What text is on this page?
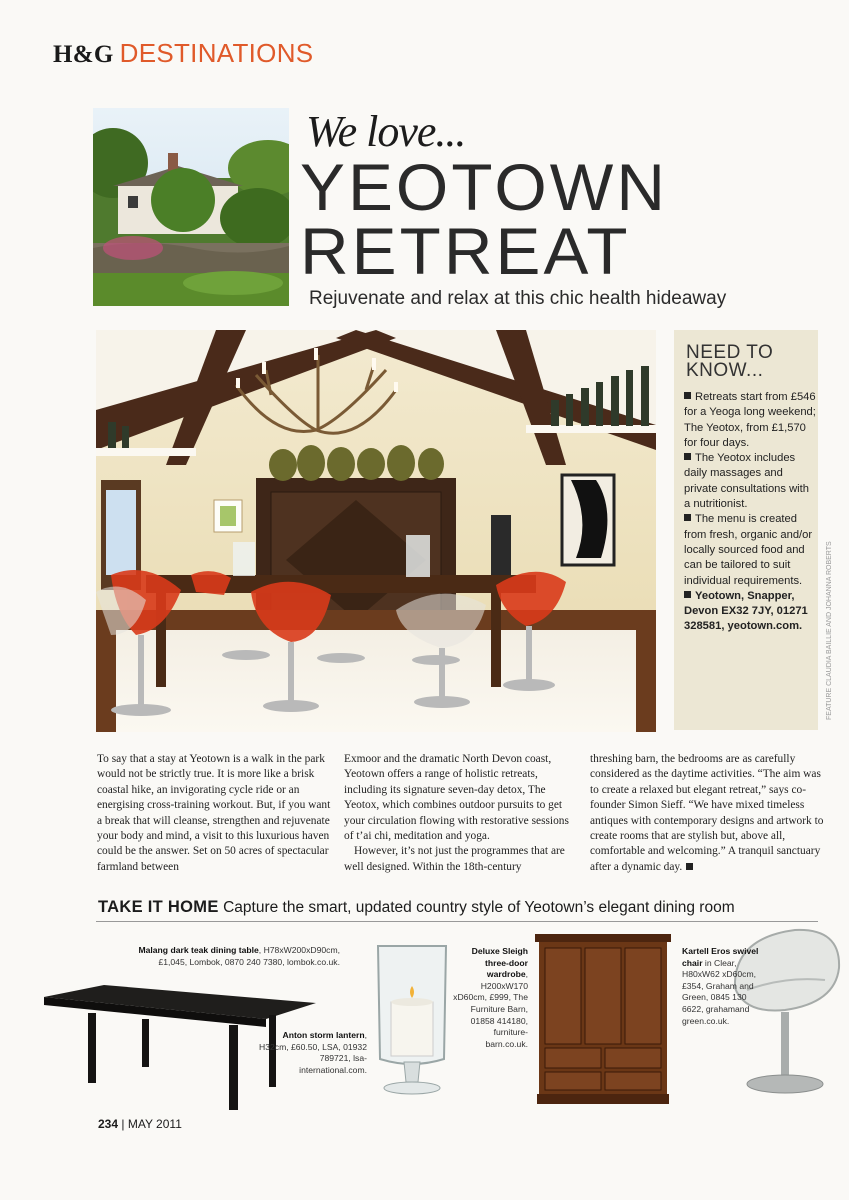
H&G DESTINATIONS
We love...
YEOTOWN
RETREAT
Rejuvenate and relax at this chic health hideaway
NEED TO
KNOW...

Retreats start from £546 for a Yeoga long weekend; The Yeotox, from £1,570 for four days.

The Yeotox includes daily massages and private consultations with a nutritionist.

The menu is created from fresh, organic and/or locally sourced food and can be tailored to suit individual requirements.

Yeotown, Snapper, Devon EX32 7JY, 01271 328581, yeotown.com.	FEATURE CLAUDIA BAILLIE AND JOHANNA ROBERTS

To say that a stay at Yeotown is a walk in the park would not be strictly true. It is more like a brisk coastal hike, an invigorating cycle ride or an energising cross-training workout. But, if you want a break that will cleanse, strengthen and rejuvenate your body and mind, a visit to this luxurious haven could be the answer. Set on 50 acres of spectacular farmland between

Exmoor and the dramatic North Devon coast, Yeotown offers a range of holistic retreats, including its signature seven-day detox, The Yeotox, which combines outdoor pursuits to get your circulation flowing with restorative sessions of t’ai chi, meditation and yoga.

However, it’s not just the programmes that are well designed. Within the 18th-century

threshing barn, the bedrooms are as carefully considered as the daytime activities. “The aim was to create a relaxed but elegant retreat,” says co-founder Simon Sieff. “We have mixed timeless antiques with contemporary designs and artwork to create rooms that are stylish but, above all, comfortable and welcoming.” A tranquil sanctuary after a dynamic day.

TAKE IT HOME Capture the smart, updated country style of Yeotown’s elegant dining room
Malang dark teak dining table, H78xW200xD90cm, £1,045, Lombok, 0870 240 7380, lombok.co.uk.
Anton storm lantern, H32cm, £60.50, LSA, 01932 789721, lsa-international.com.
Deluxe Sleigh three-door wardrobe, H200xW170 xD60cm, £999, The Furniture Barn, 01858 414180, furniture-barn.co.uk.
Kartell Eros swivel chair in Clear, H80xW62 xD60cm, £354, Graham and Green, 0845 130 6622, grahamand green.co.uk.
234 | MAY 2011
